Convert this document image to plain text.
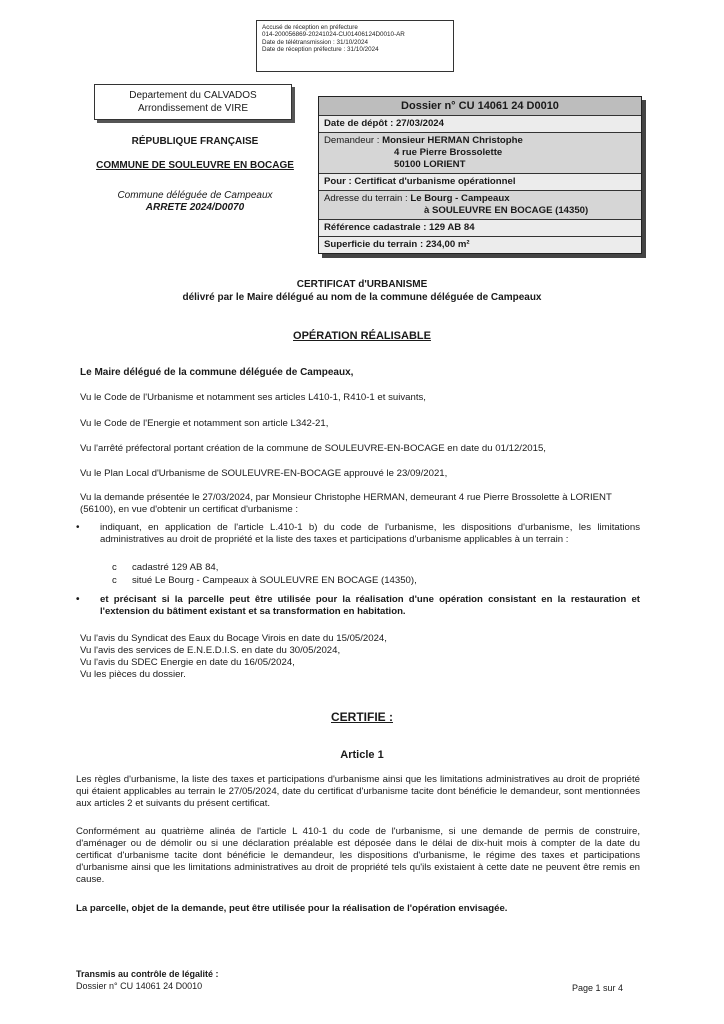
Accusé de réception en préfecture
014-200056869-20241024-CU01406124D0010-AR
Date de télétransmission : 31/10/2024
Date de réception préfecture : 31/10/2024
Departement du CALVADOS
Arrondissement de VIRE
RÉPUBLIQUE FRANÇAISE
COMMUNE DE SOULEUVRE EN BOCAGE
Commune déléguée de Campeaux
ARRETE 2024/D0070
Dossier n° CU 14061 24 D0010
Date de dépôt : 27/03/2024
Demandeur : Monsieur HERMAN Christophe
4 rue Pierre Brossolette
50100 LORIENT
Pour : Certificat d'urbanisme opérationnel
Adresse du terrain : Le Bourg - Campeaux
à SOULEUVRE EN BOCAGE (14350)
Référence cadastrale : 129 AB 84
Superficie du terrain : 234,00 m²
CERTIFICAT d'URBANISME
délivré par le Maire délégué au nom de la commune déléguée de Campeaux
OPÉRATION RÉALISABLE
Le Maire délégué de la commune déléguée de Campeaux,
Vu le Code de l'Urbanisme et notamment ses articles L410-1, R410-1 et suivants,
Vu le Code de l'Energie et notamment son article L342-21,
Vu l'arrêté préfectoral portant création de la commune de SOULEUVRE-EN-BOCAGE en date du 01/12/2015,
Vu le Plan Local d'Urbanisme de SOULEUVRE-EN-BOCAGE approuvé le 23/09/2021,
Vu la demande présentée le 27/03/2024, par Monsieur Christophe HERMAN, demeurant 4 rue Pierre Brossolette à LORIENT (56100), en vue d'obtenir un certificat d'urbanisme :
• indiquant, en application de l'article L.410-1 b) du code de l'urbanisme, les dispositions d'urbanisme, les limitations administratives au droit de propriété et la liste des taxes et participations d'urbanisme applicables à un terrain :
c cadastré 129 AB 84,
c situé Le Bourg - Campeaux à SOULEUVRE EN BOCAGE (14350),
• et précisant si la parcelle peut être utilisée pour la réalisation d'une opération consistant en la restauration et l'extension du bâtiment existant et sa transformation en habitation.
Vu l'avis du Syndicat des Eaux du Bocage Virois en date du 15/05/2024,
Vu l'avis des services de E.N.E.D.I.S. en date du 30/05/2024,
Vu l'avis du SDEC Energie en date du 16/05/2024,
Vu les pièces du dossier.
CERTIFIE :
Article 1
Les règles d'urbanisme, la liste des taxes et participations d'urbanisme ainsi que les limitations administratives au droit de propriété qui étaient applicables au terrain le 27/05/2024, date du certificat d'urbanisme tacite dont bénéficie le demandeur, sont mentionnées aux articles 2 et suivants du présent certificat.
Conformément au quatrième alinéa de l'article L 410-1 du code de l'urbanisme, si une demande de permis de construire, d'aménager ou de démolir ou si une déclaration préalable est déposée dans le délai de dix-huit mois à compter de la date du certificat d'urbanisme tacite dont bénéficie le demandeur, les dispositions d'urbanisme, le régime des taxes et participations d'urbanisme ainsi que les limitations administratives au droit de propriété tels qu'ils existaient à cette date ne peuvent être remis en cause.
La parcelle, objet de la demande, peut être utilisée pour la réalisation de l'opération envisagée.
Transmis au contrôle de légalité :
Dossier n° CU 14061 24 D0010	Page 1 sur 4
